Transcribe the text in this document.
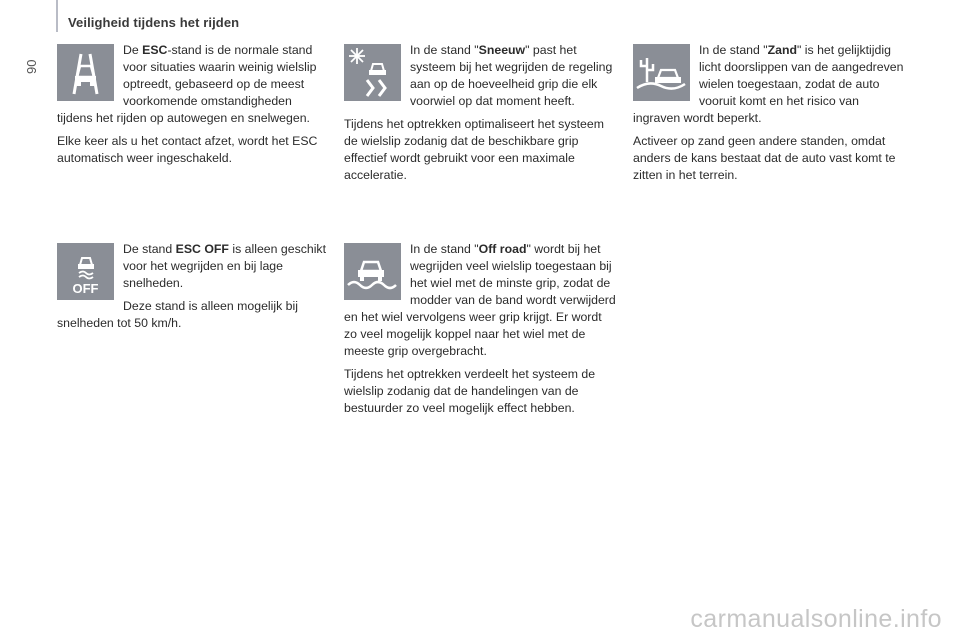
90
Veiligheid tijdens het rijden

De ESC-stand is de normale stand voor situaties waarin weinig wielslip optreedt, gebaseerd op de meest voorkomende omstandigheden tijdens het rijden op autowegen en snelwegen.

Elke keer als u het contact afzet, wordt het ESC automatisch weer ingeschakeld.

OFF

De stand ESC OFF is alleen geschikt voor het wegrijden en bij lage snelheden.

Deze stand is alleen mogelijk bij snelheden tot 50 km/h.

In de stand "Sneeuw" past het systeem bij het wegrijden de regeling aan op de hoeveelheid grip die elk voorwiel op dat moment heeft.

Tijdens het optrekken optimaliseert het systeem de wielslip zodanig dat de beschikbare grip effectief wordt gebruikt voor een maximale acceleratie.

In de stand "Off road" wordt bij het wegrijden veel wielslip toegestaan bij het wiel met de minste grip, zodat de modder van de band wordt verwijderd en het wiel vervolgens weer grip krijgt. Er wordt zo veel mogelijk koppel naar het wiel met de meeste grip overgebracht.

Tijdens het optrekken verdeelt het systeem de wielslip zodanig dat de handelingen van de bestuurder zo veel mogelijk effect hebben.

In de stand "Zand" is het gelijktijdig licht doorslippen van de aangedreven wielen toegestaan, zodat de auto vooruit komt en het risico van ingraven wordt beperkt.

Activeer op zand geen andere standen, omdat anders de kans bestaat dat de auto vast komt te zitten in het terrein.

carmanualsonline.info
